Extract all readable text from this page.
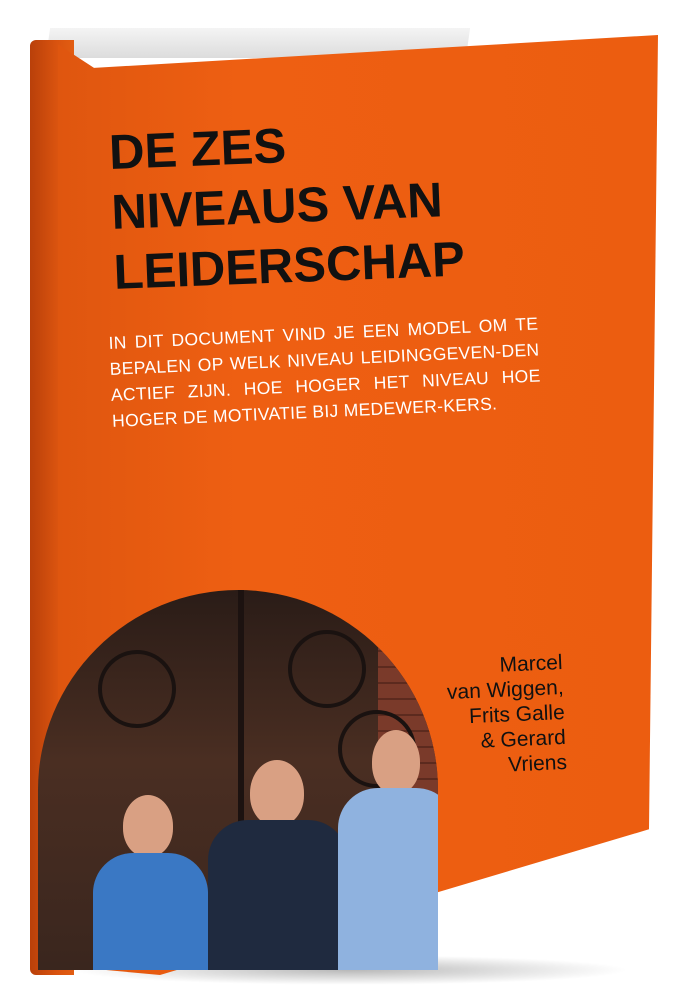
DE ZES
NIVEAUS VAN
LEIDERSCHAP

IN DIT DOCUMENT VIND JE EEN MODEL OM TE BEPALEN OP WELK NIVEAU LEIDINGGEVEN-DEN ACTIEF ZIJN. HOE HOGER HET NIVEAU HOE HOGER DE MOTIVATIE BIJ MEDEWER-KERS.

Marcel
van Wiggen,
Frits Galle
& Gerard
Vriens
